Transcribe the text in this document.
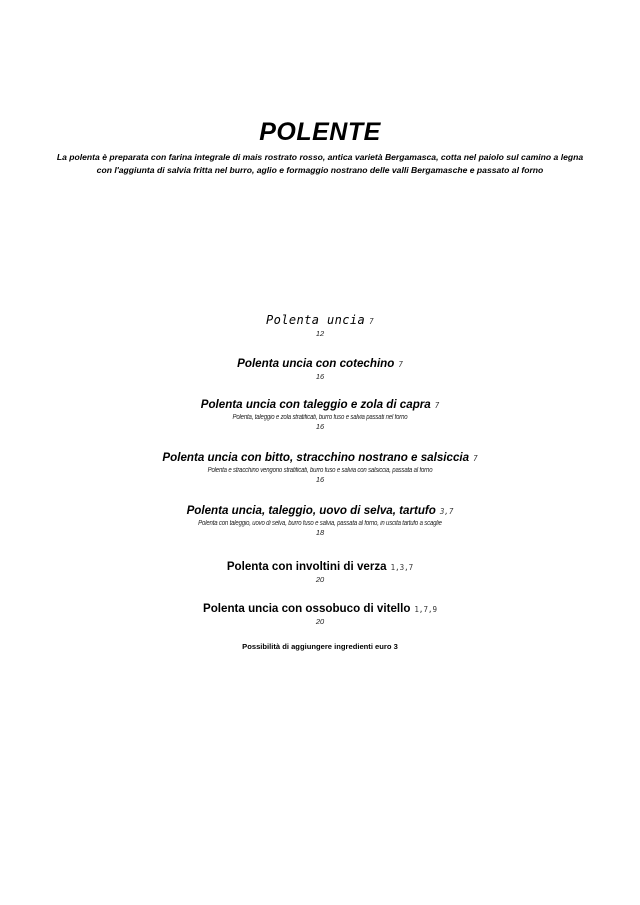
POLENTE
La polenta è preparata con farina integrale di mais rostrato rosso, antica varietà Bergamasca, cotta nel paiolo sul camino a legna
con l'aggiunta di salvia fritta nel burro, aglio e formaggio nostrano delle valli Bergamasche e passato al forno
Polenta uncia 7
12
Polenta uncia con cotechino 7
16
Polenta uncia con taleggio e zola di capra 7
Polenta, taleggio e zola stratificati, burro fuso e salvia passati nel forno
16
Polenta uncia con bitto, stracchino nostrano e salsiccia 7
Polenta e stracchino vengono stratificati, burro fuso e salvia con salsiccia, passata al forno
16
Polenta uncia, taleggio, uovo di selva, tartufo 3,7
Polenta con taleggio, uovo di selva, burro fuso e salvia, passata al forno, in uscita tartufo a scaglie
18
Polenta con involtini di verza 1,3,7
20
Polenta uncia con ossobuco di vitello 1,7,9
20
Possibilità di aggiungere ingredienti euro 3
